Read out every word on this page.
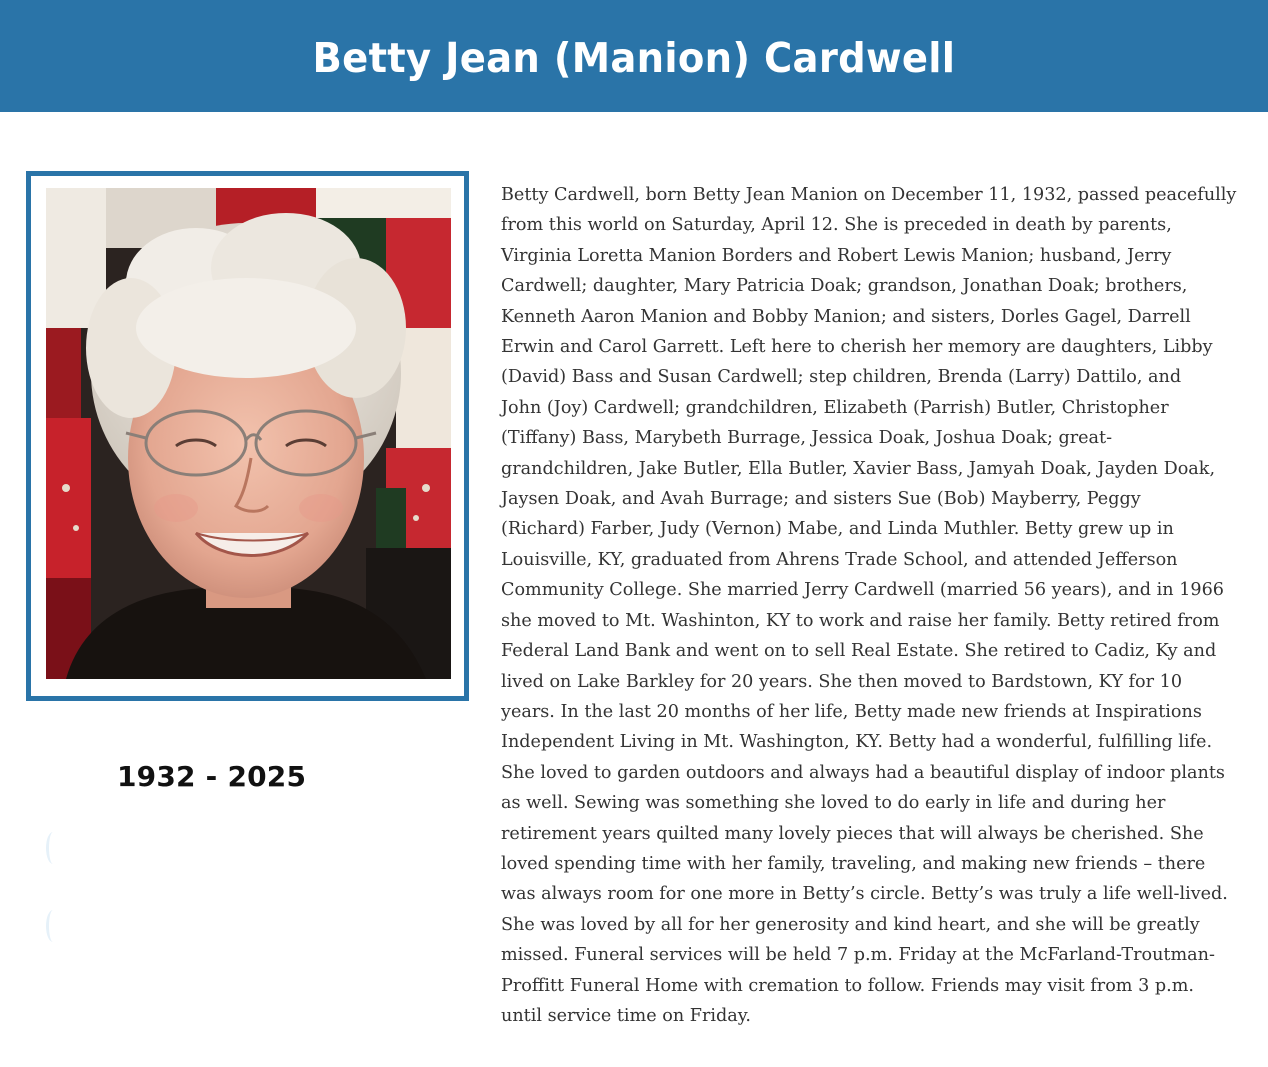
Betty Jean (Manion) Cardwell
1932 - 2025
Betty Cardwell, born Betty Jean Manion on December 11, 1932, passed peacefully
from this world on Saturday, April 12. She is preceded in death by parents,
Virginia Loretta Manion Borders and Robert Lewis Manion; husband, Jerry
Cardwell; daughter, Mary Patricia Doak; grandson, Jonathan Doak; brothers,
Kenneth Aaron Manion and Bobby Manion; and sisters, Dorles Gagel, Darrell
Erwin and Carol Garrett. Left here to cherish her memory are daughters, Libby
(David) Bass and Susan Cardwell; step children, Brenda (Larry) Dattilo, and
John (Joy) Cardwell; grandchildren, Elizabeth (Parrish) Butler, Christopher
(Tiffany) Bass, Marybeth Burrage, Jessica Doak, Joshua Doak; great-
grandchildren, Jake Butler, Ella Butler, Xavier Bass, Jamyah Doak, Jayden Doak,
Jaysen Doak, and Avah Burrage; and sisters Sue (Bob) Mayberry, Peggy
(Richard) Farber, Judy (Vernon) Mabe, and Linda Muthler. Betty grew up in
Louisville, KY, graduated from Ahrens Trade School, and attended Jefferson
Community College. She married Jerry Cardwell (married 56 years), and in 1966
she moved to Mt. Washinton, KY to work and raise her family. Betty retired from
Federal Land Bank and went on to sell Real Estate. She retired to Cadiz, Ky and
lived on Lake Barkley for 20 years. She then moved to Bardstown, KY for 10
years. In the last 20 months of her life, Betty made new friends at Inspirations
Independent Living in Mt. Washington, KY. Betty had a wonderful, fulfilling life.
She loved to garden outdoors and always had a beautiful display of indoor plants
as well. Sewing was something she loved to do early in life and during her
retirement years quilted many lovely pieces that will always be cherished. She
loved spending time with her family, traveling, and making new friends – there
was always room for one more in Betty’s circle. Betty’s was truly a life well-lived.
She was loved by all for her generosity and kind heart, and she will be greatly
missed. Funeral services will be held 7 p.m. Friday at the McFarland-Troutman-
Proffitt Funeral Home with cremation to follow. Friends may visit from 3 p.m.
until service time on Friday.
